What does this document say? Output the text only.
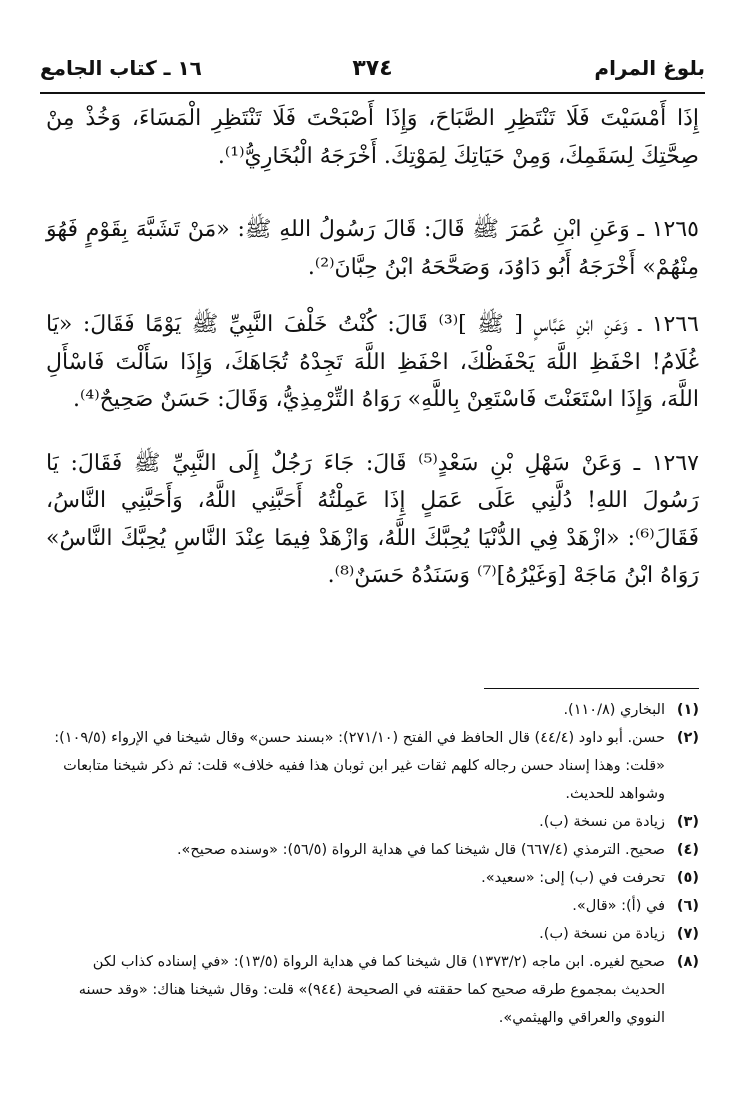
بلوغ المرام
٣٧٤
١٦ ـ كتاب الجامع

إِذَا أَمْسَيْتَ فَلَا تَنْتَظِرِ الصَّبَاحَ، وَإِذَا أَصْبَحْتَ فَلَا تَنْتَظِرِ الْمَسَاءَ، وَخُذْ مِنْ صِحَّتِكَ لِسَقَمِكَ، وَمِنْ حَيَاتِكَ لِمَوْتِكَ. أَخْرَجَهُ الْبُخَارِيُّ⁽¹⁾.

١٢٦٥ ـ وَعَنِ ابْنِ عُمَرَ ﷺ قَالَ: قَالَ رَسُولُ اللهِ ﷺ: «مَنْ تَشَبَّهَ بِقَوْمٍ فَهُوَ مِنْهُمْ» أَخْرَجَهُ أَبُو دَاوُدَ، وَصَحَّحَهُ ابْنُ حِبَّانَ⁽²⁾.

١٢٦٦ ـ وَعَنِ ابْنِ عَبَّاسٍ [ ﷺ ]⁽³⁾ قَالَ: كُنْتُ خَلْفَ النَّبِيِّ ﷺ يَوْمًا فَقَالَ: «يَا غُلَامُ! احْفَظِ اللَّهَ يَحْفَظْكَ، احْفَظِ اللَّهَ تَجِدْهُ تُجَاهَكَ، وَإِذَا سَأَلْتَ فَاسْأَلِ اللَّهَ، وَإِذَا اسْتَعَنْتَ فَاسْتَعِنْ بِاللَّهِ» رَوَاهُ التِّرْمِذِيُّ، وَقَالَ: حَسَنٌ صَحِيحٌ⁽⁴⁾.

١٢٦٧ ـ وَعَنْ سَهْلِ بْنِ سَعْدٍ⁽⁵⁾ قَالَ: جَاءَ رَجُلٌ إِلَى النَّبِيِّ ﷺ فَقَالَ: يَا رَسُولَ اللهِ! دُلَّنِي عَلَى عَمَلٍ إِذَا عَمِلْتُهُ أَحَبَّنِي اللَّهُ، وَأَحَبَّنِي النَّاسُ، فَقَالَ⁽⁶⁾: «ازْهَدْ فِي الدُّنْيَا يُحِبَّكَ اللَّهُ، وَازْهَدْ فِيمَا عِنْدَ النَّاسِ يُحِبَّكَ النَّاسُ» رَوَاهُ ابْنُ مَاجَهْ [وَغَيْرُهُ]⁽⁷⁾ وَسَنَدُهُ حَسَنٌ⁽⁸⁾.

(١)
البخاري (١١٠/٨).
(٢)
حسن. أبو داود (٤٤/٤) قال الحافظ في الفتح (٢٧١/١٠): «بسند حسن» وقال شيخنا في الإرواء (١٠٩/٥): «قلت: وهذا إسناد حسن رجاله كلهم ثقات غير ابن ثوبان هذا ففيه خلاف» قلت: ثم ذكر شيخنا متابعات وشواهد للحديث.
(٣)
زيادة من نسخة (ب).
(٤)
صحيح. الترمذي (٦٦٧/٤) قال شيخنا كما في هداية الرواة (٥٦/٥): «وسنده صحيح».
(٥)
تحرفت في (ب) إلى: «سعيد».
(٦)
في (أ): «قال».
(٧)
زيادة من نسخة (ب).
(٨)
صحيح لغيره. ابن ماجه (١٣٧٣/٢) قال شيخنا كما في هداية الرواة (١٣/٥): «في إسناده كذاب لكن الحديث بمجموع طرقه صحيح كما حققته في الصحيحة (٩٤٤)» قلت: وقال شيخنا هناك: «وقد حسنه النووي والعراقي والهيثمي».
